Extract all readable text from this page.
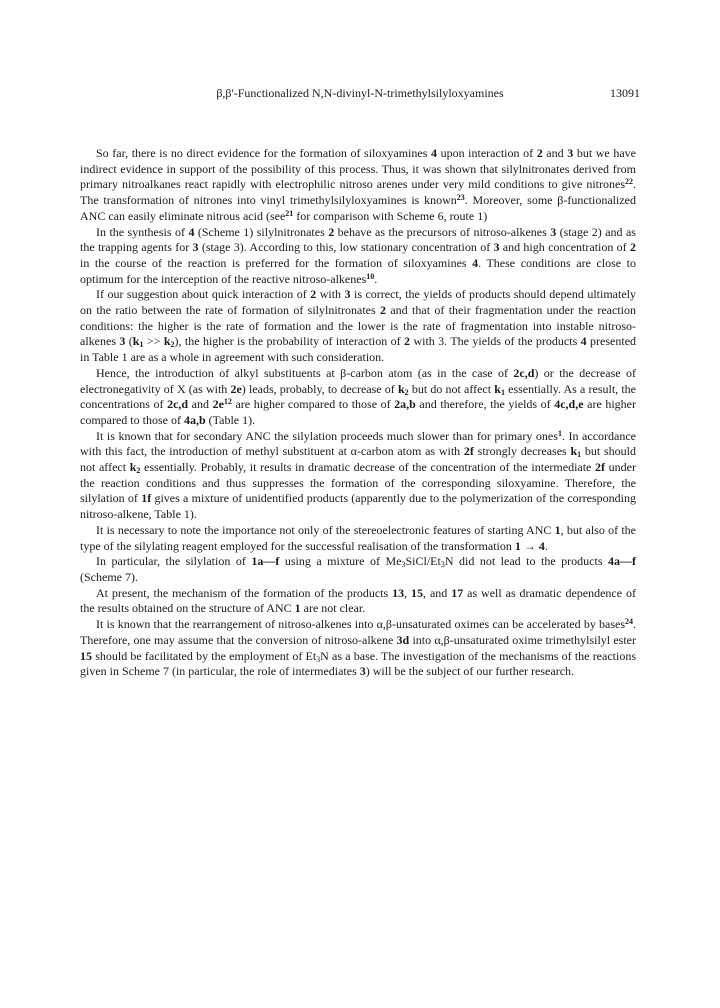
β,β'-Functionalized N,N-divinyl-N-trimethylsilyloxyamines	13091

So far, there is no direct evidence for the formation of siloxyamines 4 upon interaction of 2 and 3 but we have indirect evidence in support of the possibility of this process. Thus, it was shown that silylnitronates derived from primary nitroalkanes react rapidly with electrophilic nitroso arenes under very mild conditions to give nitrones$^{22}$. The transformation of nitrones into vinyl trimethylsilyloxyamines is known$^{23}$. Moreover, some β-functionalized ANC can easily eliminate nitrous acid (see$^{21}$ for comparison with Scheme 6, route 1)

In the synthesis of 4 (Scheme 1) silylnitronates 2 behave as the precursors of nitroso-alkenes 3 (stage 2) and as the trapping agents for 3 (stage 3). According to this, low stationary concentration of 3 and high concentration of 2 in the course of the reaction is preferred for the formation of siloxyamines 4. These conditions are close to optimum for the interception of the reactive nitroso-alkenes$^{10}$.

If our suggestion about quick interaction of 2 with 3 is correct, the yields of products should depend ultimately on the ratio between the rate of formation of silylnitronates 2 and that of their fragmentation under the reaction conditions: the higher is the rate of formation and the lower is the rate of fragmentation into instable nitroso-alkenes 3 $(k_1 >> k_2)$, the higher is the probability of interaction of 2 with 3. The yields of the products 4 presented in Table 1 are as a whole in agreement with such consideration.

Hence, the introduction of alkyl substituents at β-carbon atom (as in the case of 2c,d) or the decrease of electronegativity of X (as with 2e) leads, probably, to decrease of $k_2$ but do not affect $k_1$ essentially. As a result, the concentrations of 2c,d and $2e^{12}$ are higher compared to those of 2a,b and therefore, the yields of 4c,d,e are higher compared to those of 4a,b (Table 1).

It is known that for secondary ANC the silylation proceeds much slower than for primary ones$^1$. In accordance with this fact, the introduction of methyl substituent at α-carbon atom as with 2f strongly decreases $k_1$ but should not affect $k_2$ essentially. Probably, it results in dramatic decrease of the concentration of the intermediate 2f under the reaction conditions and thus suppresses the formation of the corresponding siloxyamine. Therefore, the silylation of 1f gives a mixture of unidentified products (apparently due to the polymerization of the corresponding nitroso-alkene, Table 1).

It is necessary to note the importance not only of the stereoelectronic features of starting ANC 1, but also of the type of the silylating reagent employed for the successful realisation of the transformation 1 → 4.

In particular, the silylation of 1a—f using a mixture of $Me_3SiCl/Et_3N$ did not lead to the products 4a—f (Scheme 7).

At present, the mechanism of the formation of the products 13, 15, and 17 as well as dramatic dependence of the results obtained on the structure of ANC 1 are not clear.

It is known that the rearrangement of nitroso-alkenes into α,β-unsaturated oximes can be accelerated by bases$^{24}$. Therefore, one may assume that the conversion of nitroso-alkene 3d into α,β-unsaturated oxime trimethylsilyl ester 15 should be facilitated by the employment of $Et_3N$ as a base. The investigation of the mechanisms of the reactions given in Scheme 7 (in particular, the role of intermediates 3) will be the subject of our further research.
